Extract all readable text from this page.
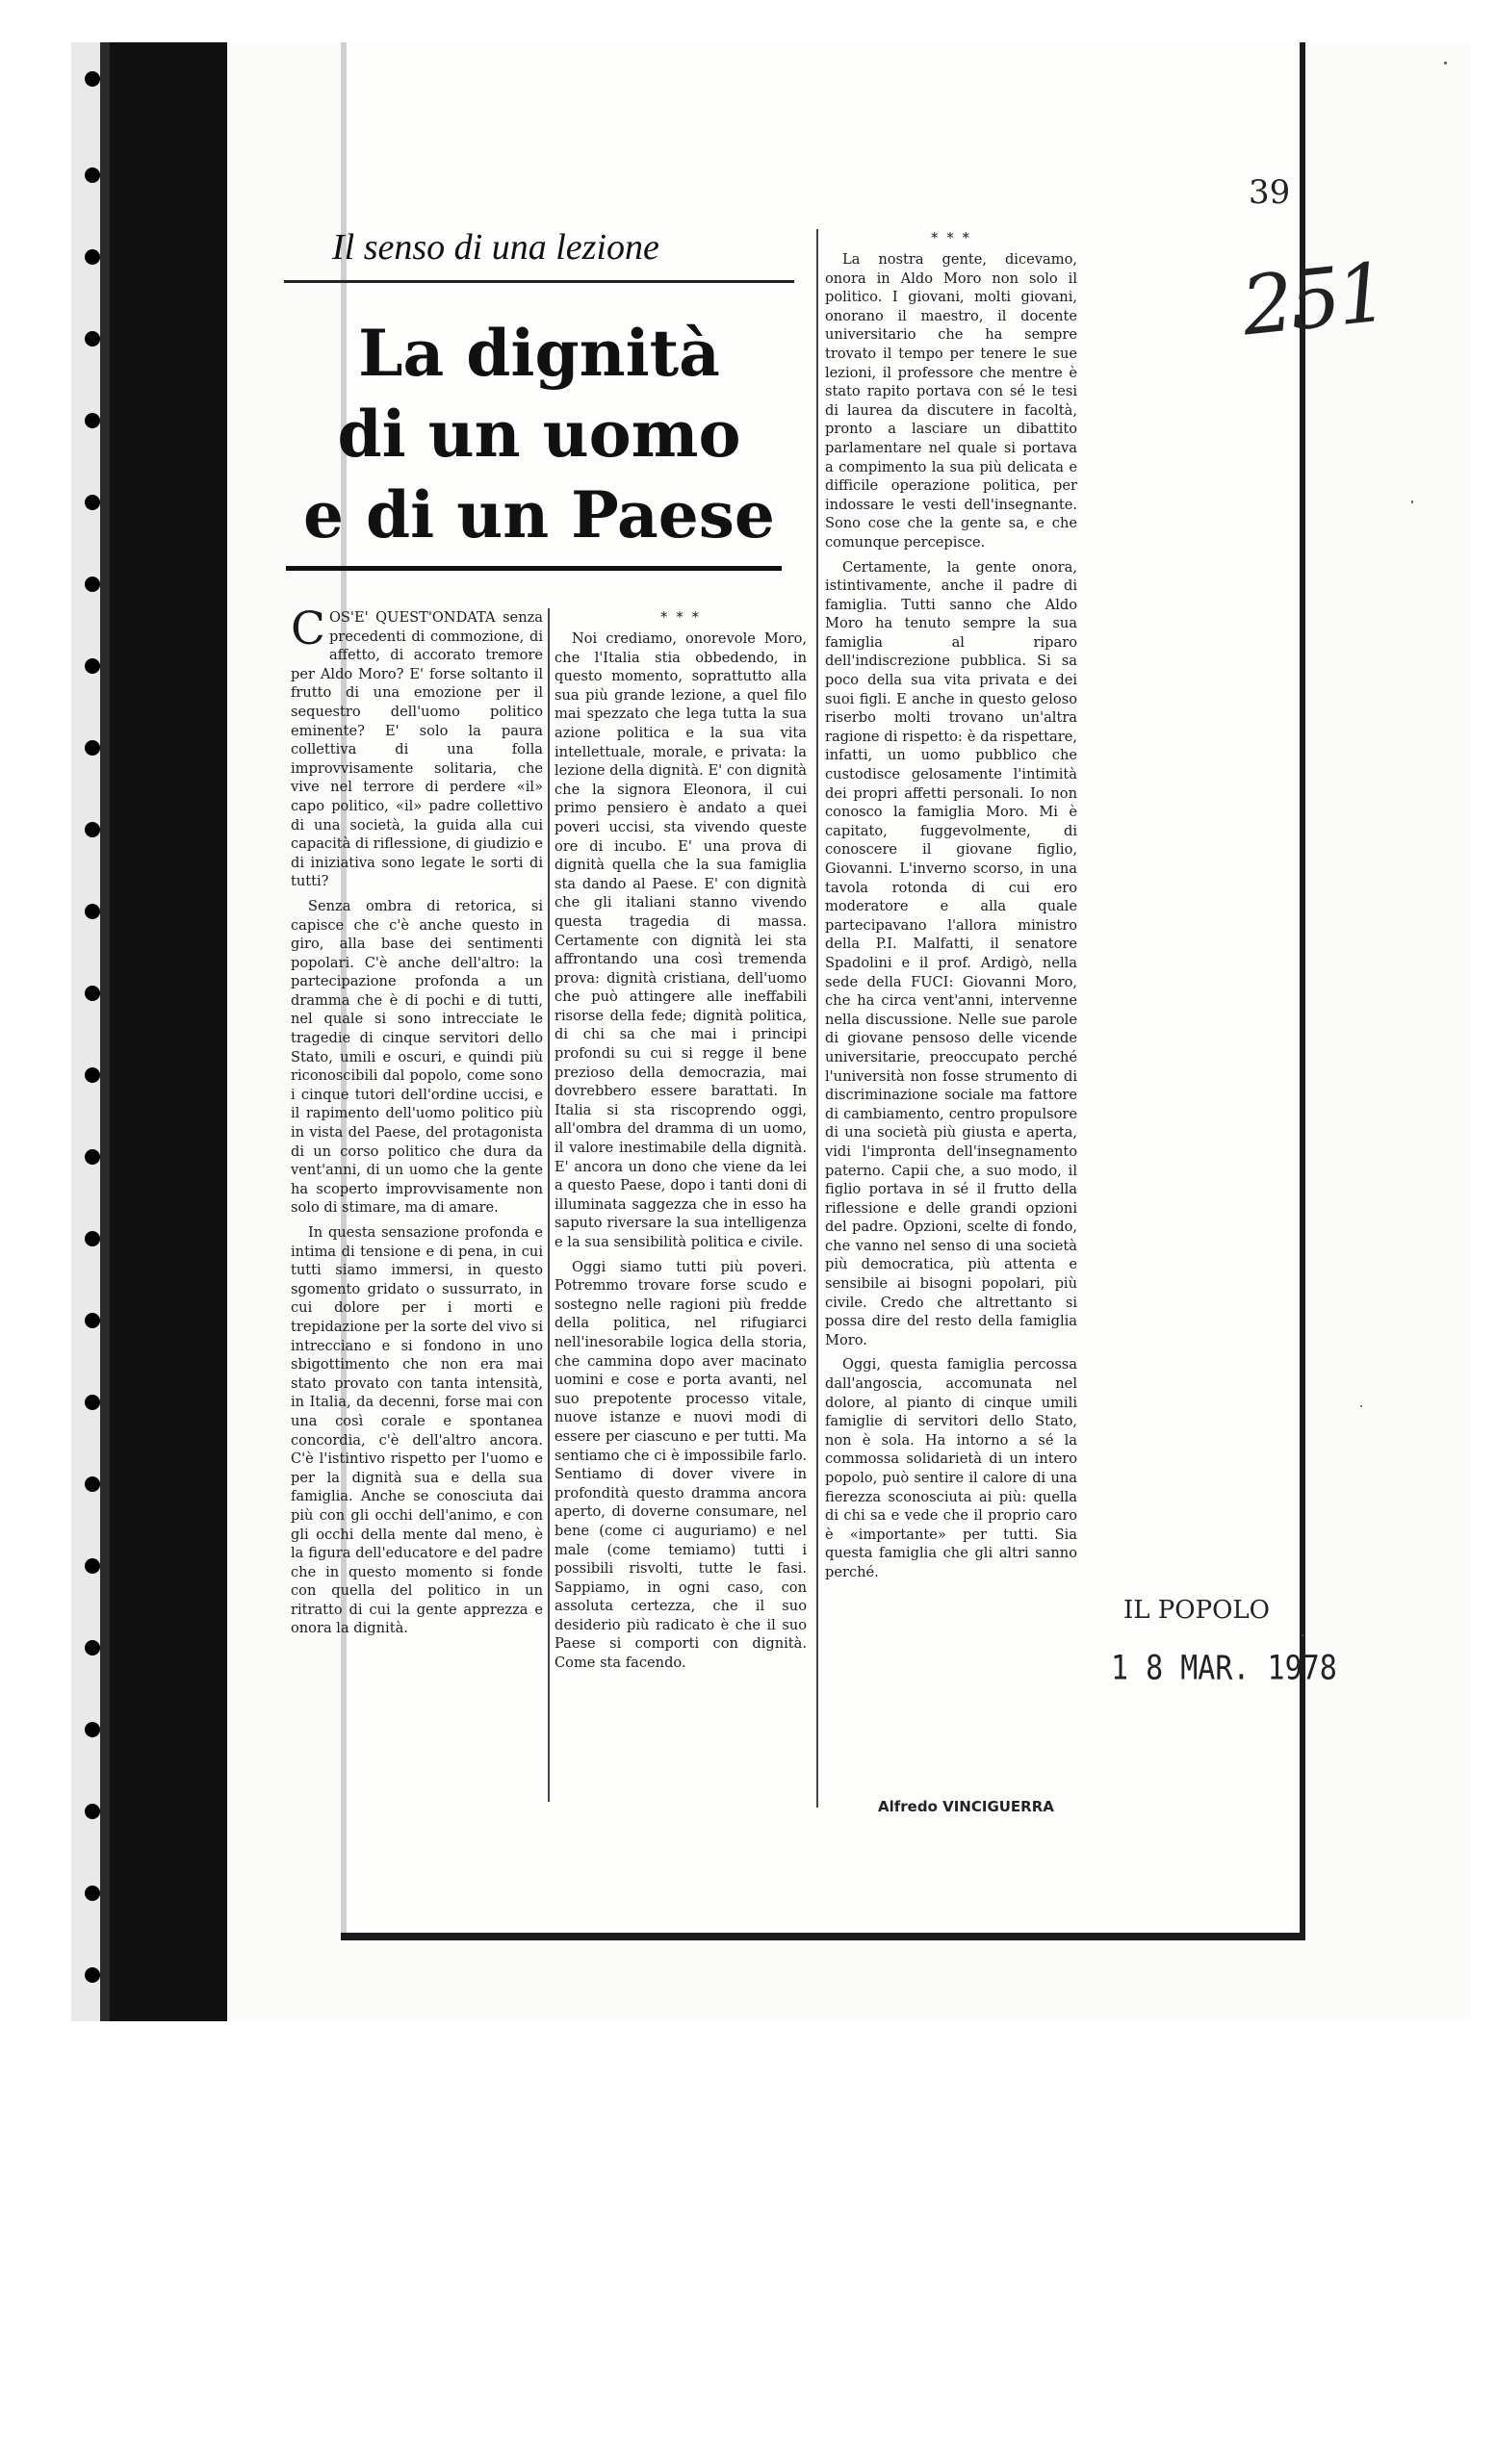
Il senso di una lezione
La dignità
di un uomo
e di un Paese

COS'E' QUEST'ONDATA senza precedenti di commozione, di affetto, di accorato tremore per Aldo Moro? E' forse soltanto il frutto di una emozione per il sequestro dell'uomo politico eminente? E' solo la paura collettiva di una folla improvvisamente solitaria, che vive nel terrore di perdere «il» capo politico, «il» padre collettivo di una società, la guida alla cui capacità di riflessione, di giudizio e di iniziativa sono legate le sorti di tutti?

Senza ombra di retorica, si capisce che c'è anche questo in giro, alla base dei sentimenti popolari. C'è anche dell'altro: la partecipazione profonda a un dramma che è di pochi e di tutti, nel quale si sono intrecciate le tragedie di cinque servitori dello Stato, umili e oscuri, e quindi più riconoscibili dal popolo, come sono i cinque tutori dell'ordine uccisi, e il rapimento dell'uomo politico più in vista del Paese, del protagonista di un corso politico che dura da vent'anni, di un uomo che la gente ha scoperto improvvisamente non solo di stimare, ma di amare.

In questa sensazione profonda e intima di tensione e di pena, in cui tutti siamo immersi, in questo sgomento gridato o sussurrato, in cui dolore per i morti e trepidazione per la sorte del vivo si intrecciano e si fondono in uno sbigottimento che non era mai stato provato con tanta intensità, in Italia, da decenni, forse mai con una così corale e spontanea concordia, c'è dell'altro ancora. C'è l'istintivo rispetto per l'uomo e per la dignità sua e della sua famiglia. Anche se conosciuta dai più con gli occhi dell'animo, e con gli occhi della mente dal meno, è la figura dell'educatore e del padre che in questo momento si fonde con quella del politico in un ritratto di cui la gente apprezza e onora la dignità.

* * *

Noi crediamo, onorevole Moro, che l'Italia stia obbedendo, in questo momento, soprattutto alla sua più grande lezione, a quel filo mai spezzato che lega tutta la sua azione politica e la sua vita intellettuale, morale, e privata: la lezione della dignità. E' con dignità che la signora Eleonora, il cui primo pensiero è andato a quei poveri uccisi, sta vivendo queste ore di incubo. E' una prova di dignità quella che la sua famiglia sta dando al Paese. E' con dignità che gli italiani stanno vivendo questa tragedia di massa. Certamente con dignità lei sta affrontando una così tremenda prova: dignità cristiana, dell'uomo che può attingere alle ineffabili risorse della fede; dignità politica, di chi sa che mai i principi profondi su cui si regge il bene prezioso della democrazia, mai dovrebbero essere barattati. In Italia si sta riscoprendo oggi, all'ombra del dramma di un uomo, il valore inestimabile della dignità. E' ancora un dono che viene da lei a questo Paese, dopo i tanti doni di illuminata saggezza che in esso ha saputo riversare la sua intelligenza e la sua sensibilità politica e civile.

Oggi siamo tutti più poveri. Potremmo trovare forse scudo e sostegno nelle ragioni più fredde della politica, nel rifugiarci nell'inesorabile logica della storia, che cammina dopo aver macinato uomini e cose e porta avanti, nel suo prepotente processo vitale, nuove istanze e nuovi modi di essere per ciascuno e per tutti. Ma sentiamo che ci è impossibile farlo. Sentiamo di dover vivere in profondità questo dramma ancora aperto, di doverne consumare, nel bene (come ci auguriamo) e nel male (come temiamo) tutti i possibili risvolti, tutte le fasi. Sappiamo, in ogni caso, con assoluta certezza, che il suo desiderio più radicato è che il suo Paese si comporti con dignità. Come sta facendo.

* * *

La nostra gente, dicevamo, onora in Aldo Moro non solo il politico. I giovani, molti giovani, onorano il maestro, il docente universitario che ha sempre trovato il tempo per tenere le sue lezioni, il professore che mentre è stato rapito portava con sé le tesi di laurea da discutere in facoltà, pronto a lasciare un dibattito parlamentare nel quale si portava a compimento la sua più delicata e difficile operazione politica, per indossare le vesti dell'insegnante. Sono cose che la gente sa, e che comunque percepisce.

Certamente, la gente onora, istintivamente, anche il padre di famiglia. Tutti sanno che Aldo Moro ha tenuto sempre la sua famiglia al riparo dell'indiscrezione pubblica. Si sa poco della sua vita privata e dei suoi figli. E anche in questo geloso riserbo molti trovano un'altra ragione di rispetto: è da rispettare, infatti, un uomo pubblico che custodisce gelosamente l'intimità dei propri affetti personali. Io non conosco la famiglia Moro. Mi è capitato, fuggevolmente, di conoscere il giovane figlio, Giovanni. L'inverno scorso, in una tavola rotonda di cui ero moderatore e alla quale partecipavano l'allora ministro della P.I. Malfatti, il senatore Spadolini e il prof. Ardigò, nella sede della FUCI: Giovanni Moro, che ha circa vent'anni, intervenne nella discussione. Nelle sue parole di giovane pensoso delle vicende universitarie, preoccupato perché l'università non fosse strumento di discriminazione sociale ma fattore di cambiamento, centro propulsore di una società più giusta e aperta, vidi l'impronta dell'insegnamento paterno. Capii che, a suo modo, il figlio portava in sé il frutto della riflessione e delle grandi opzioni del padre. Opzioni, scelte di fondo, che vanno nel senso di una società più democratica, più attenta e sensibile ai bisogni popolari, più civile. Credo che altrettanto si possa dire del resto della famiglia Moro.

Oggi, questa famiglia percossa dall'angoscia, accomunata nel dolore, al pianto di cinque umili famiglie di servitori dello Stato, non è sola. Ha intorno a sé la commossa solidarietà di un intero popolo, può sentire il calore di una fierezza sconosciuta ai più: quella di chi sa e vede che il proprio caro è «importante» per tutti. Sia questa famiglia che gli altri sanno perché.

Alfredo VINCIGUERRA
39
251
IL POPOLO
1 8 MAR. 1978
